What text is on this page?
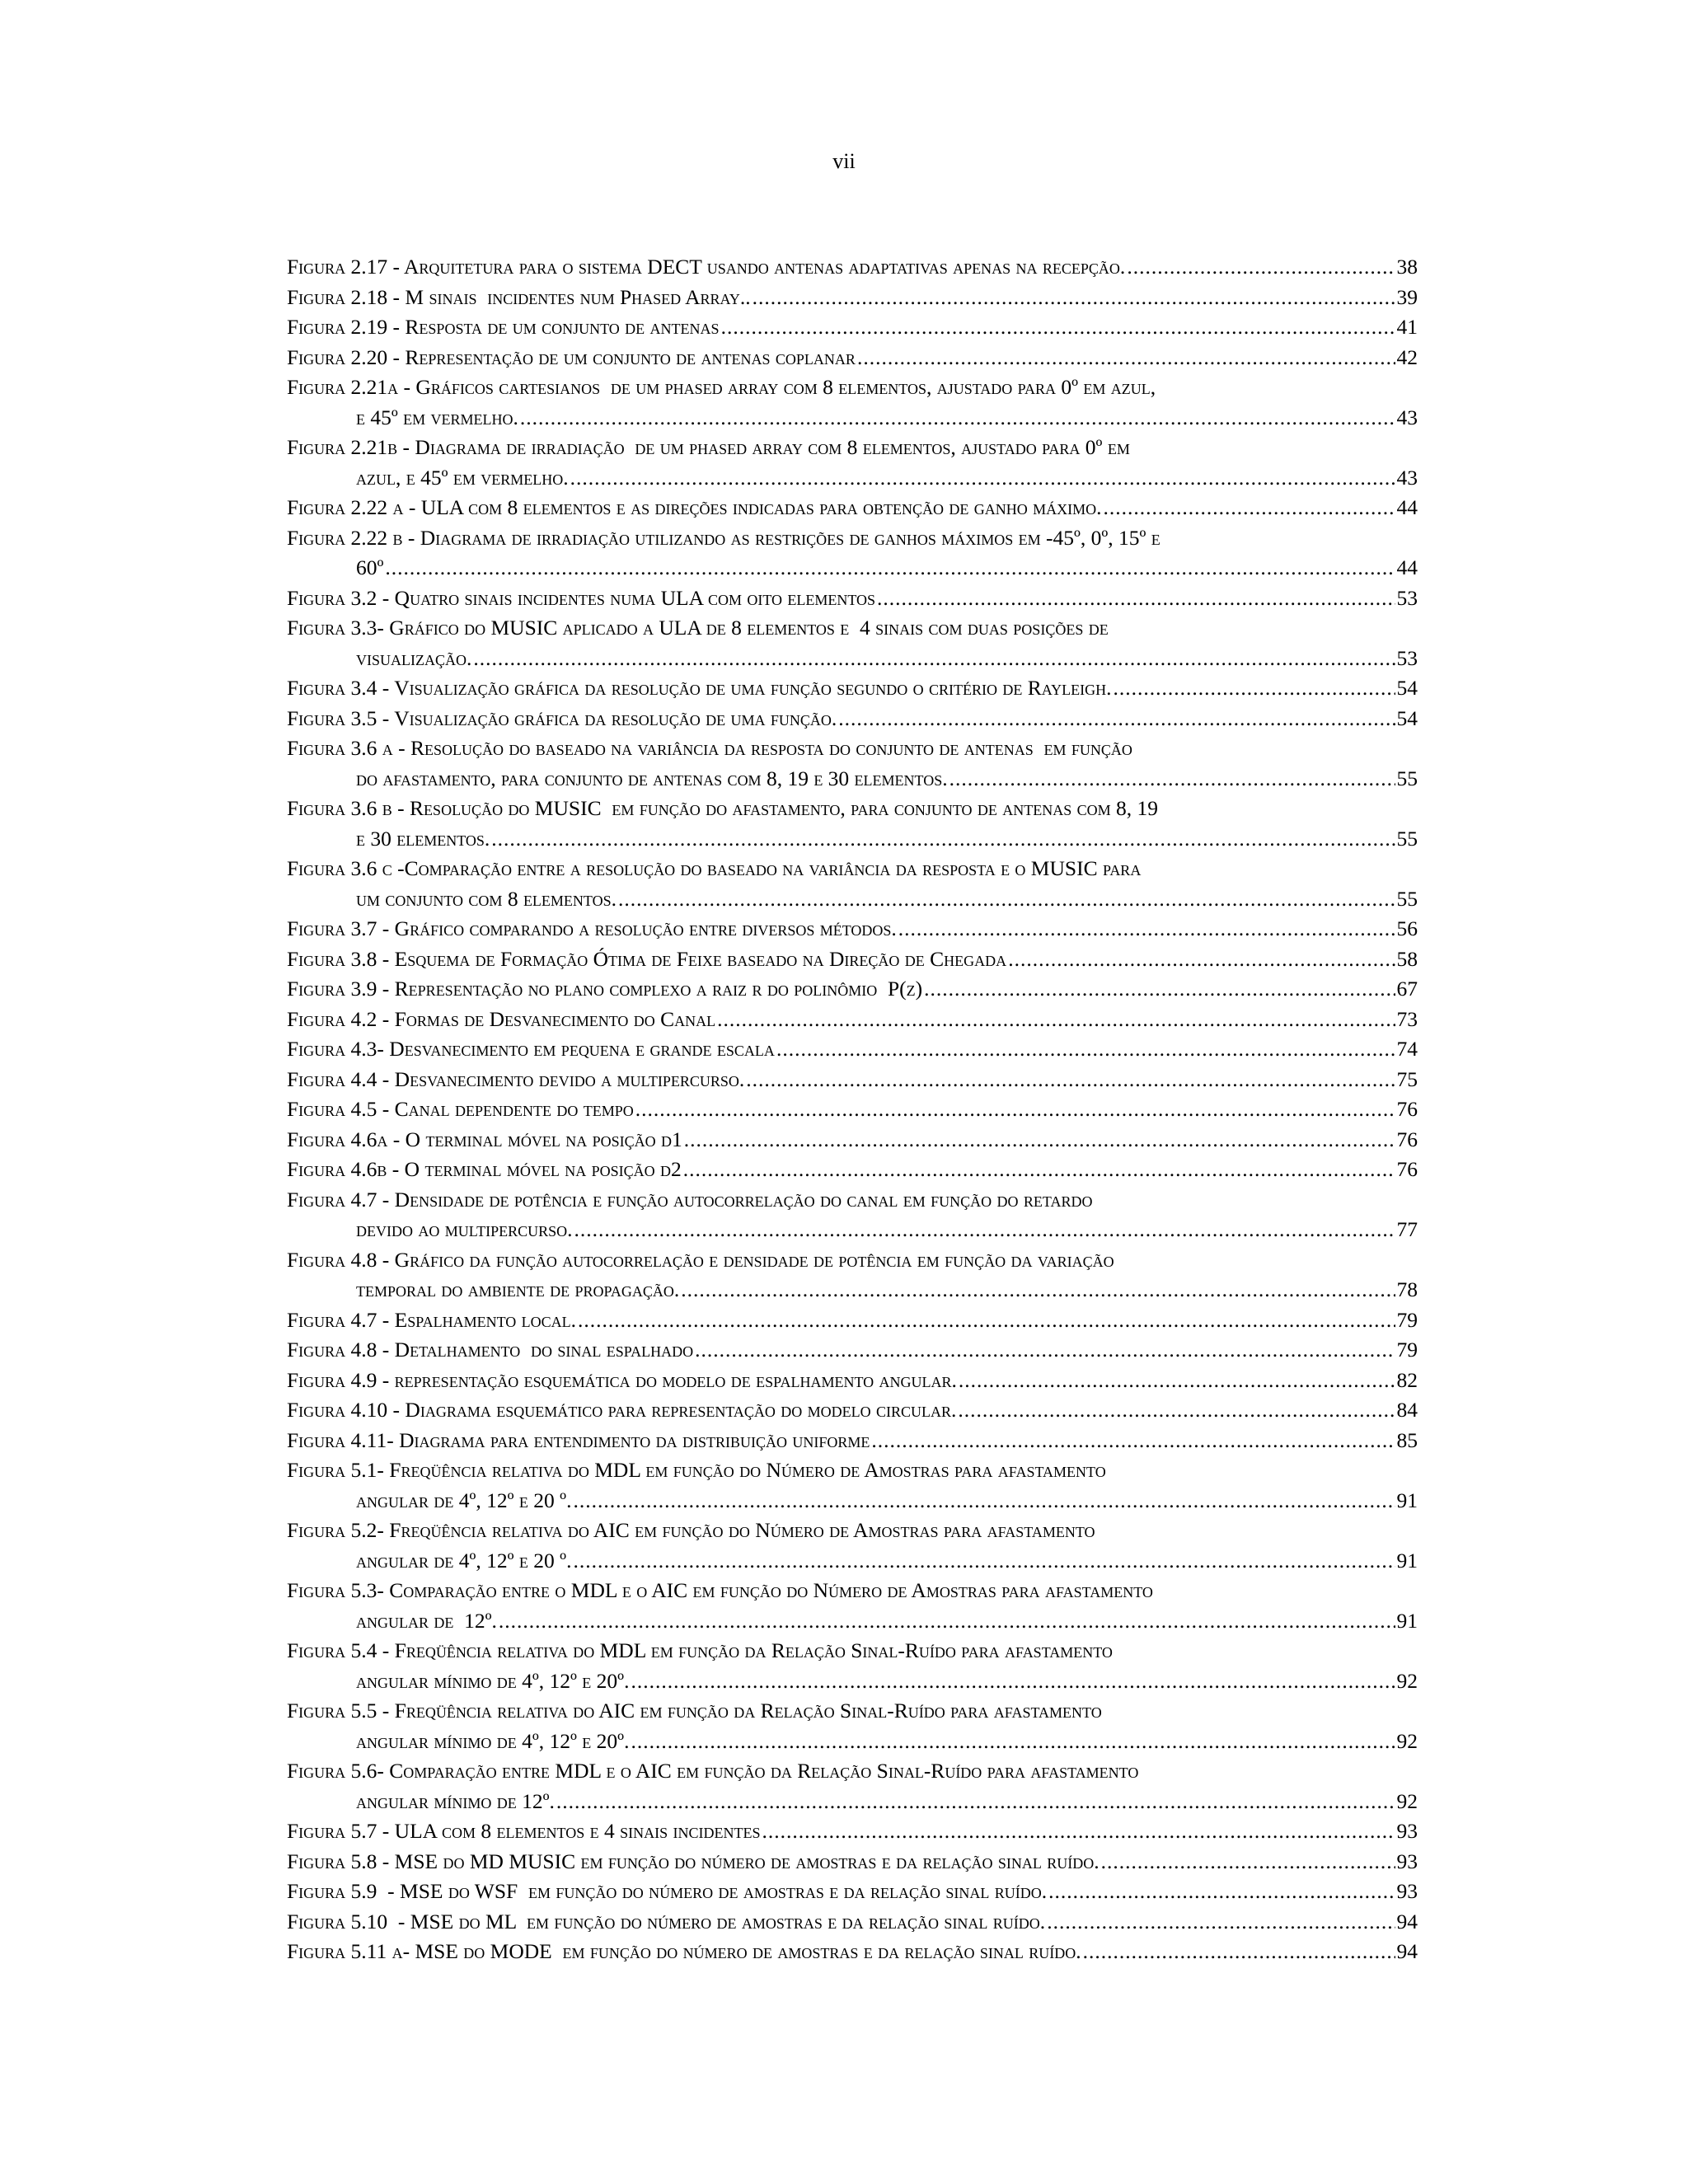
vii
Figura 2.17 - Arquitetura para o sistema DECT usando antenas adaptativas apenas na recepção. .....	38
Figura 2.18 - M sinais  incidentes num Phased Array.. .....	39
Figura 2.19 - Resposta de um conjunto de antenas .....	41
Figura 2.20 - Representação de um conjunto de antenas coplanar .....	42
Figura 2.21a - Gráficos cartesianos  de um phased array com 8 elementos, ajustado para 0º em azul,
e 45º em vermelho. .....	43
Figura 2.21b - Diagrama de irradiação  de um phased array com 8 elementos, ajustado para 0º em
azul, e 45º em vermelho. .....	43
Figura 2.22 a - ULA com 8 elementos e as direções indicadas para obtenção de ganho máximo. .....	44
Figura 2.22 b - Diagrama de irradiação utilizando as restrições de ganhos máximos em -45º, 0º, 15º e
60º .....	44
Figura 3.2 - Quatro sinais incidentes numa ULA com oito elementos .....	53
Figura 3.3- Gráfico do MUSIC aplicado a ULA de 8 elementos e  4 sinais com duas posições de
visualização. .....	53
Figura 3.4 - Visualização gráfica da resolução de uma função segundo o critério de Rayleigh. .....	54
Figura 3.5 - Visualização gráfica da resolução de uma função. .....	54
Figura 3.6 a - Resolução do baseado na variância da resposta do conjunto de antenas  em função
do afastamento, para conjunto de antenas com 8, 19 e 30 elementos. .....	55
Figura 3.6 b - Resolução do MUSIC  em função do afastamento, para conjunto de antenas com 8, 19
e 30 elementos. .....	55
Figura 3.6 c -Comparação entre a resolução do baseado na variância da resposta e o MUSIC para
um conjunto com 8 elementos. .....	55
Figura 3.7 - Gráfico comparando a resolução entre diversos métodos. .....	56
Figura 3.8 - Esquema de Formação Ótima de Feixe baseado na Direção de Chegada .....	58
Figura 3.9 - Representação no plano complexo a raiz r do polinômio  P(z) .....	67
Figura 4.2 - Formas de Desvanecimento do Canal .....	73
Figura 4.3- Desvanecimento em pequena e grande escala .....	74
Figura 4.4 - Desvanecimento devido a multipercurso. .....	75
Figura 4.5 - Canal dependente do tempo .....	76
Figura 4.6a - O terminal móvel na posição d1 .....	76
Figura 4.6b - O terminal móvel na posição d2 .....	76
Figura 4.7 - Densidade de potência e função autocorrelação do canal em função do retardo
devido ao multipercurso. .....	77
Figura 4.8 - Gráfico da função autocorrelação e densidade de potência em função da variação
temporal do ambiente de propagação. .....	78
Figura 4.7 - Espalhamento local. .....	79
Figura 4.8 - Detalhamento  do sinal espalhado .....	79
Figura 4.9 - representação esquemática do modelo de espalhamento angular. .....	82
Figura 4.10 - Diagrama esquemático para representação do modelo circular. .....	84
Figura 4.11- Diagrama para entendimento da distribuição uniforme .....	85
Figura 5.1- Freqüência relativa do MDL em função do Número de Amostras para afastamento
angular de 4º, 12º e 20 º. .....	91
Figura 5.2- Freqüência relativa do AIC em função do Número de Amostras para afastamento
angular de 4º, 12º e 20 º. .....	91
Figura 5.3- Comparação entre o MDL e o AIC em função do Número de Amostras para afastamento
angular de  12º. .....	91
Figura 5.4 - Freqüência relativa do MDL em função da Relação Sinal-Ruído para afastamento
angular mínimo de 4º, 12º e 20º. .....	92
Figura 5.5 - Freqüência relativa do AIC em função da Relação Sinal-Ruído para afastamento
angular mínimo de 4º, 12º e 20º. .....	92
Figura 5.6- Comparação entre MDL e o AIC em função da Relação Sinal-Ruído para afastamento
angular mínimo de 12º. .....	92
Figura 5.7 - ULA com 8 elementos e 4 sinais incidentes .....	93
Figura 5.8 - MSE do MD MUSIC em função do número de amostras e da relação sinal ruído. .....	93
Figura 5.9  - MSE do WSF  em função do número de amostras e da relação sinal ruído. .....	93
Figura 5.10  - MSE do ML  em função do número de amostras e da relação sinal ruído. .....	94
Figura 5.11 a- MSE do MODE  em função do número de amostras e da relação sinal ruído. .....	94
